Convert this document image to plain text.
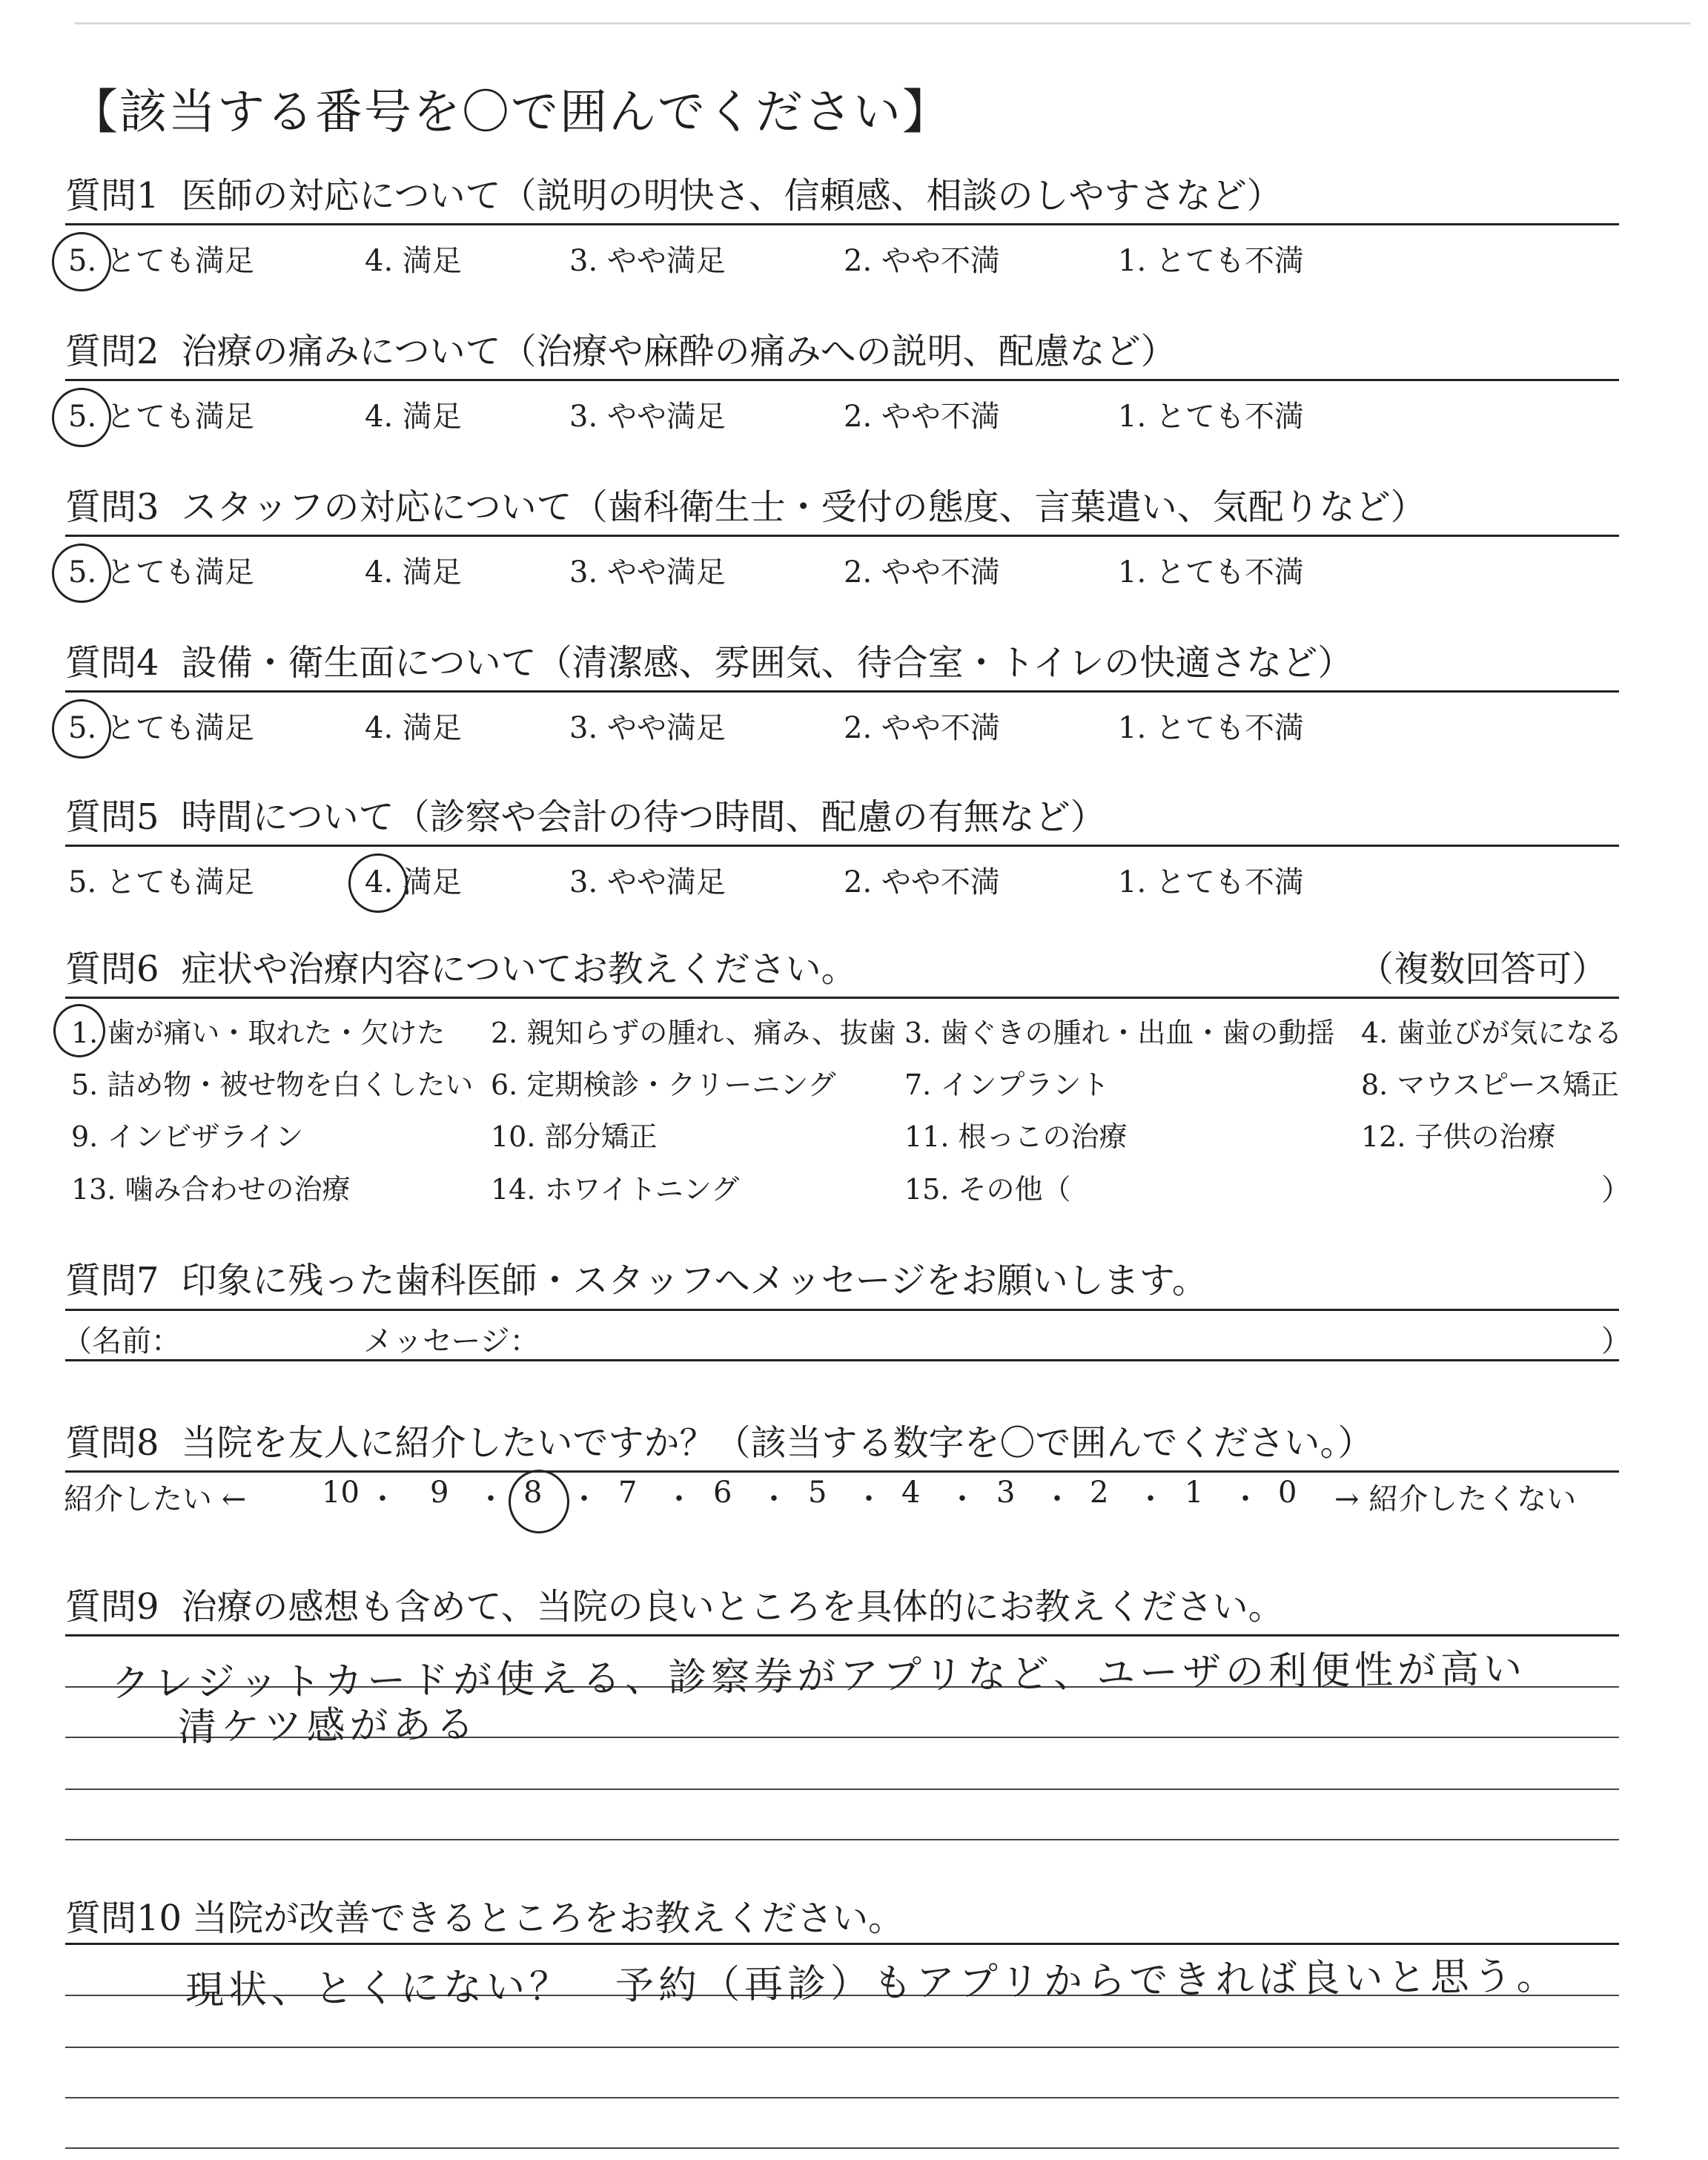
【該当する番号を〇で囲んでください】
質問6 症状や治療内容についてお教えください。	（複数回答可）
）
質問7 印象に残った歯科医師・スタッフへメッセージをお願いします。
（名前：	メッセージ：	）
質問8 当院を友人に紹介したいですか？（該当する数字を〇で囲んでください。）
紹介したい ←	→ 紹介したくない
質問9 治療の感想も含めて、当院の良いところを具体的にお教えください。
クレジットカードが使える、診察券がアプリなど、ユーザの利便性が高い
清ケツ感がある
質問10 当院が改善できるところをお教えください。
現状、とくにない？　予約（再診）もアプリからできれば良いと思う。
質問1 医師の対応について（説明の明快さ、信頼感、相談のしやすさなど）
5. とても満足	4. 満足	3. やや満足	2. やや不満	1. とても不満
質問2 治療の痛みについて（治療や麻酔の痛みへの説明、配慮など）
5. とても満足	4. 満足	3. やや満足	2. やや不満	1. とても不満
質問3 スタッフの対応について（歯科衛生士・受付の態度、言葉遣い、気配りなど）
5. とても満足	4. 満足	3. やや満足	2. やや不満	1. とても不満
質問4 設備・衛生面について（清潔感、雰囲気、待合室・トイレの快適さなど）
5. とても満足	4. 満足	3. やや満足	2. やや不満	1. とても不満
質問5 時間について（診察や会計の待つ時間、配慮の有無など）
5. とても満足	4. 満足	3. やや満足	2. やや不満	1. とても不満
1. 歯が痛い・取れた・欠けた 2. 親知らずの腫れ、痛み、抜歯 3. 歯ぐきの腫れ・出血・歯の動揺 4. 歯並びが気になる
5. 詰め物・被せ物を白くしたい 6. 定期検診・クリーニング 7. インプラント	8. マウスピース矯正
9. インビザライン	10. 部分矯正	11. 根っこの治療	12. 子供の治療
13. 噛み合わせの治療	14. ホワイトニング	15. その他（
10 ・ 9 ・ 8 ・ 7 ・ 6 ・ 5 ・ 4 ・ 3 ・ 2 ・ 1 ・ 0
